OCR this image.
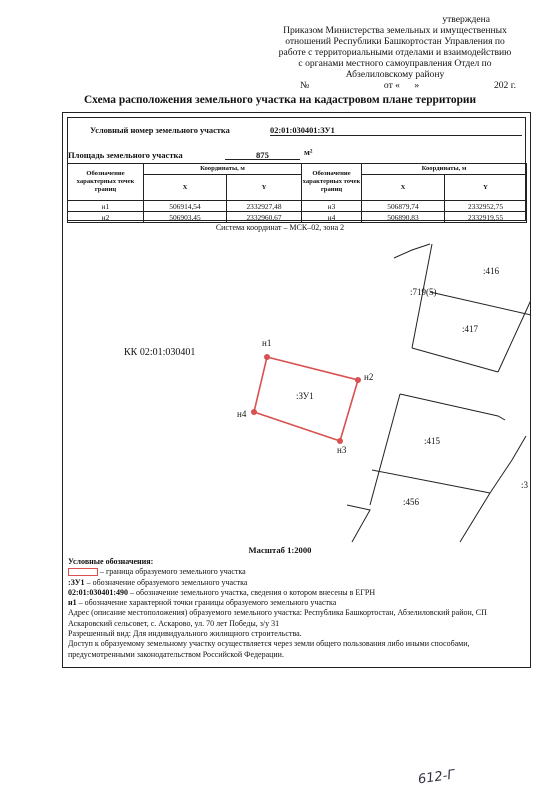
утверждена
Приказом Министерства земельных и имущественных
отношений Республики Башкортостан Управления по
работе с территориальными отделами и взаимодействию
с органами местного самоуправления Отдел по
Абзелиловскому району
№	от « »	202 г.
Схема расположения земельного участка на кадастровом плане территории
Условный номер земельного участка	02:01:030401:ЗУ1
Площадь земельного участка	875	м²
Обозначение характерных точек границ	Координаты, м		Обозначение характерных точек границ	Координаты, м	
	X	Y		X	Y
н1	506914,54	2332927,48	н3	506879,74	2332952,75
н2	506903,45	2332960,67	н4	506890,83	2332919,55
Система координат – МСК–02, зона 2
КК 02:01:030401
:ЗУ1
н1
н2
н3
н4
:416
:719(5)
:417
:415
:456
:3
Масштаб 1:2000
Условные обозначения:
– граница образуемого земельного участка
:ЗУ1 – обозначение образуемого земельного участка
02:01:030401:490 – обозначение земельного участка, сведения о котором внесены в ЕГРН
н1 – обозначение характерной точки границы образуемого земельного участка
Адрес (описание местоположения) образуемого земельного участка: Республика Башкортостан, Абзелиловский район, СП Аскаровский сельсовет, с. Аскарово, ул. 70 лет Победы, з/у 31
Разрешенный вид: Для индивидуального жилищного строительства.
Доступ к образуемому земельному участку осуществляется через земли общего пользования либо иными способами, предусмотренными законодательством Российской Федерации.
612-Г
